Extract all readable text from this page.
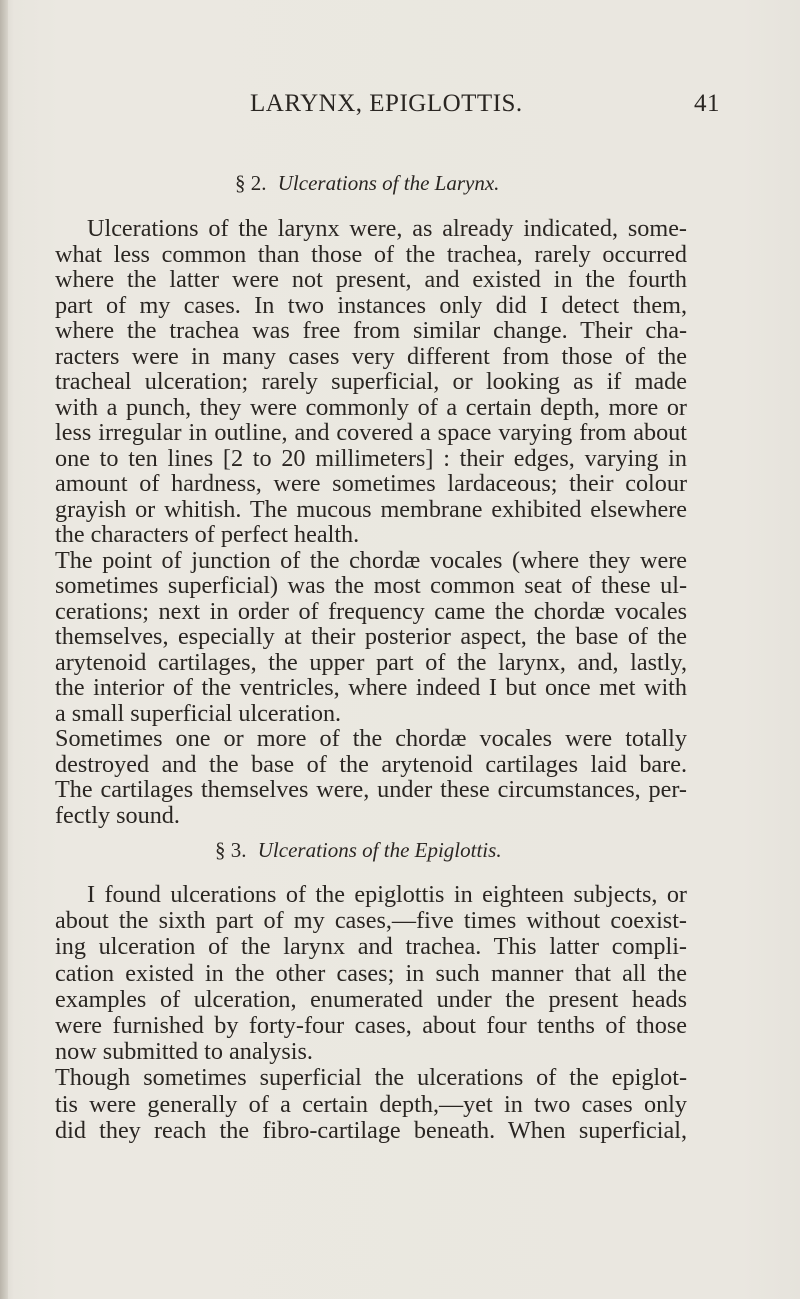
LARYNX, EPIGLOTTIS.	41
§ 2. Ulcerations of the Larynx.
Ulcerations of the larynx were, as already indicated, some-
what less common than those of the trachea, rarely occurred
where the latter were not present, and existed in the fourth
part of my cases. In two instances only did I detect them,
where the trachea was free from similar change. Their cha-
racters were in many cases very different from those of the
tracheal ulceration; rarely superficial, or looking as if made
with a punch, they were commonly of a certain depth, more or
less irregular in outline, and covered a space varying from about
one to ten lines [2 to 20 millimeters] : their edges, varying in
amount of hardness, were sometimes lardaceous; their colour
grayish or whitish. The mucous membrane exhibited elsewhere
the characters of perfect health.
The point of junction of the chordæ vocales (where they were
sometimes superficial) was the most common seat of these ul-
cerations; next in order of frequency came the chordæ vocales
themselves, especially at their posterior aspect, the base of the
arytenoid cartilages, the upper part of the larynx, and, lastly,
the interior of the ventricles, where indeed I but once met with
a small superficial ulceration.
Sometimes one or more of the chordæ vocales were totally
destroyed and the base of the arytenoid cartilages laid bare.
The cartilages themselves were, under these circumstances, per-
fectly sound.
§ 3. Ulcerations of the Epiglottis.
I found ulcerations of the epiglottis in eighteen subjects, or
about the sixth part of my cases,—five times without coexist-
ing ulceration of the larynx and trachea. This latter compli-
cation existed in the other cases; in such manner that all the
examples of ulceration, enumerated under the present heads
were furnished by forty-four cases, about four tenths of those
now submitted to analysis.
Though sometimes superficial the ulcerations of the epiglot-
tis were generally of a certain depth,—yet in two cases only
did they reach the fibro-cartilage beneath. When superficial,
